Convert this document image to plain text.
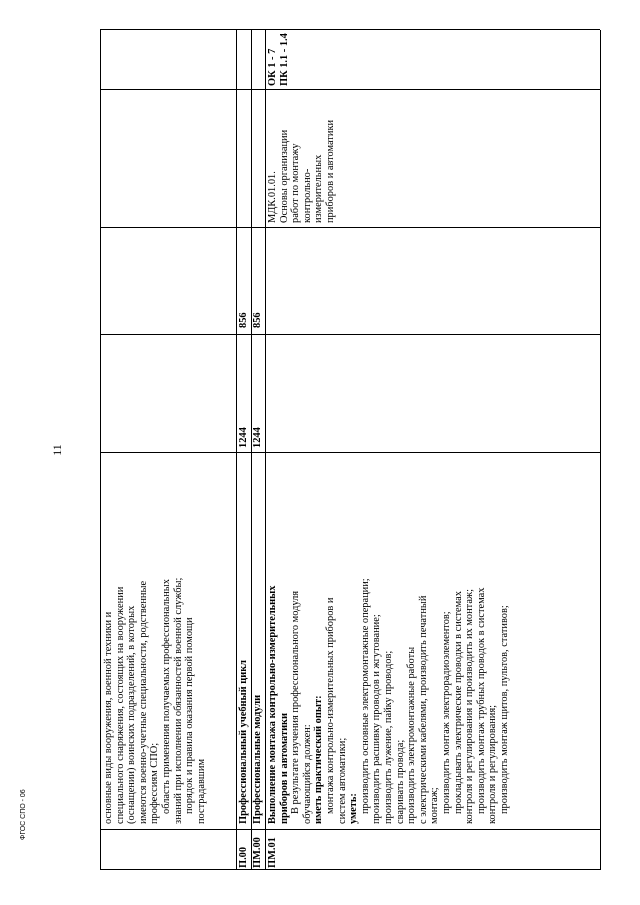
11

основные виды вооружения, военной техники и специального снаряжения, состоящих на вооружении (оснащении) воинских подразделений, в которых имеются военно-учетные специальности, родственные профессиям СПО; область применения получаемых профессиональных знаний при исполнении обязанностей военной службы; порядок и правила оказания первой помощи пострадавшим

П.00
Профессиональный учебный цикл
1244
856
ПМ.00
Профессиональные модули
1244
856
ПМ.01

Выполнение монтажа контрольно-измерительных приборов и автоматики В результате изучения профессионального модуля обучающийся должен: иметь практический опыт: монтажа контрольно-измерительных приборов и систем автоматики; уметь: производить основные электромонтажные операции; производить расшивку проводов и жгутование; производить лужение, пайку проводов; сваривать провода; производить электромонтажные работы с электрическими кабелями, производить печатный монтаж; производить монтаж электрорадиоэлементов; прокладывать электрические проводки в системах контроля и регулирования и производить их монтаж; производить монтаж трубных проводок в системах контроля и регулирования; производить монтаж щитов, пультов, стативов;

МДК.01.01. Основы организации работ по монтажу контрольно- измерительных приборов и автоматики

ОК 1 - 7 ПК 1.1 - 1.4

ФГОС СПО - 06
